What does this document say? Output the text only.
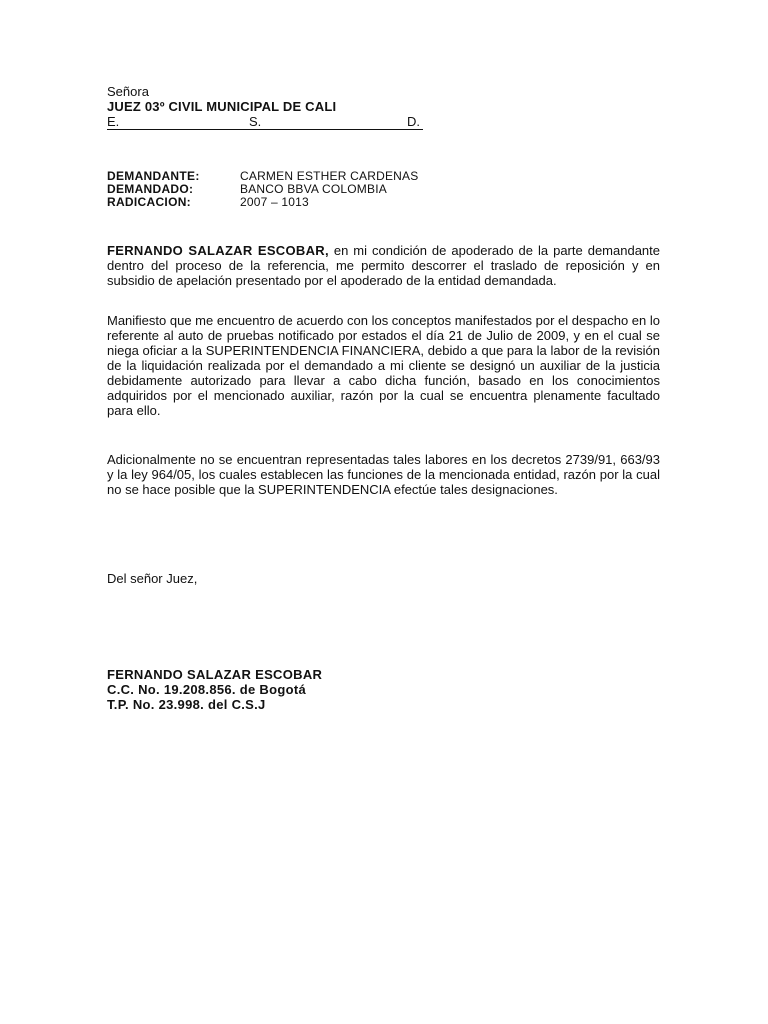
Señora

JUEZ 03º CIVIL MUNICIPAL DE CALI

E.	S.	D.
DEMANDANTE:	CARMEN ESTHER CARDENAS
DEMANDADO:	BANCO BBVA COLOMBIA
RADICACION:	2007 – 1013

FERNANDO SALAZAR ESCOBAR, en mi condición de apoderado de la parte demandante dentro del proceso de la referencia, me permito descorrer el traslado de reposición y en subsidio de apelación presentado por el apoderado de la entidad demandada.

Manifiesto que me encuentro de acuerdo con los conceptos manifestados por el despacho en lo referente al auto de pruebas notificado por estados el día 21 de Julio de 2009, y en el cual se niega oficiar a la SUPERINTENDENCIA FINANCIERA, debido a que para la labor de la revisión de la liquidación realizada por el demandado a mi cliente se designó un auxiliar de la justicia debidamente autorizado para llevar a cabo dicha función, basado en los conocimientos adquiridos por el mencionado auxiliar, razón por la cual se encuentra plenamente facultado para ello.

Adicionalmente no se encuentran representadas tales labores en los decretos 2739/91, 663/93 y la ley 964/05, los cuales establecen las funciones de la mencionada entidad, razón por la cual no se hace posible que la SUPERINTENDENCIA efectúe tales designaciones.

Del señor Juez,

FERNANDO SALAZAR ESCOBAR
C.C. No. 19.208.856. de Bogotá
T.P. No. 23.998. del C.S.J
